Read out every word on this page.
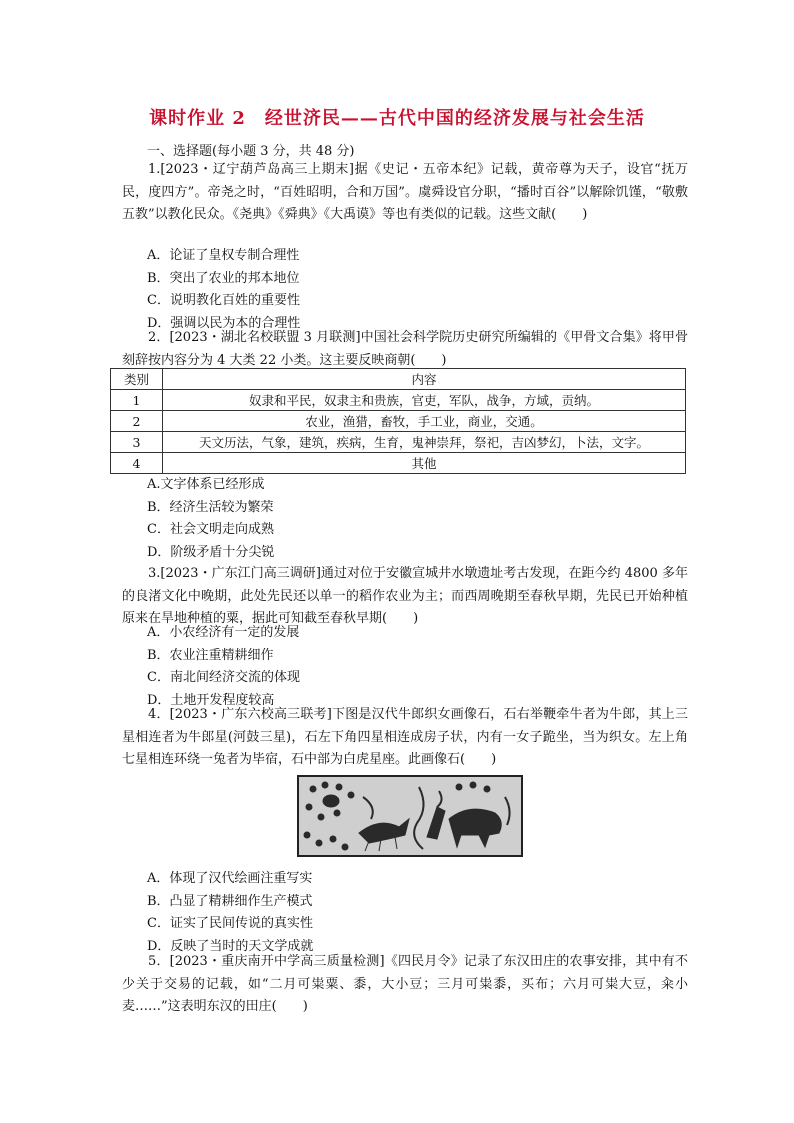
课时作业 2　经世济民——古代中国的经济发展与社会生活
一、选择题(每小题 3 分，共 48 分)
1.[2023・辽宁葫芦岛高三上期末]据《史记・五帝本纪》记载，黄帝尊为天子，设官“抚万民，度四方”。帝尧之时，“百姓昭明，合和万国”。虞舜设官分职，“播时百谷”以解除饥馑，“敬敷五教”以教化民众。《尧典》《舜典》《大禹谟》等也有类似的记载。这些文献(　　)
A．论证了皇权专制合理性
B．突出了农业的邦本地位
C．说明教化百姓的重要性
D．强调以民为本的合理性
2．[2023・湖北名校联盟 3 月联测]中国社会科学院历史研究所编辑的《甲骨文合集》将甲骨刻辞按内容分为 4 大类 22 小类。这主要反映商朝(　　)
类别	内容
1	奴隶和平民，奴隶主和贵族，官吏，军队，战争，方域，贡纳。
2	农业，渔猎，畜牧，手工业，商业，交通。
3	天文历法，气象，建筑，疾病，生育，鬼神崇拜，祭祀，吉凶梦幻，卜法，文字。
4	其他
A.文字体系已经形成
B．经济生活较为繁荣
C．社会文明走向成熟
D．阶级矛盾十分尖锐
3.[2023・广东江门高三调研]通过对位于安徽宣城井水墩遗址考古发现，在距今约 4800 多年的良渚文化中晚期，此处先民还以单一的稻作农业为主；而西周晚期至春秋早期，先民已开始种植原来在旱地种植的粟，据此可知截至春秋早期(　　)
A．小农经济有一定的发展
B．农业注重精耕细作
C．南北间经济交流的体现
D．土地开发程度较高
4．[2023・广东六校高三联考]下图是汉代牛郎织女画像石，石右举鞭牵牛者为牛郎，其上三星相连者为牛郎星(河鼓三星)，石左下角四星相连成房子状，内有一女子跪坐，当为织女。左上角七星相连环绕一兔者为毕宿，石中部为白虎星座。此画像石(　　)
A．体现了汉代绘画注重写实
B．凸显了精耕细作生产模式
C．证实了民间传说的真实性
D．反映了当时的天文学成就
5．[2023・重庆南开中学高三质量检测]《四民月令》记录了东汉田庄的农事安排，其中有不少关于交易的记载，如“二月可粜粟、黍，大小豆；三月可粜黍，买布；六月可粜大豆，籴小麦……”这表明东汉的田庄(　　)
